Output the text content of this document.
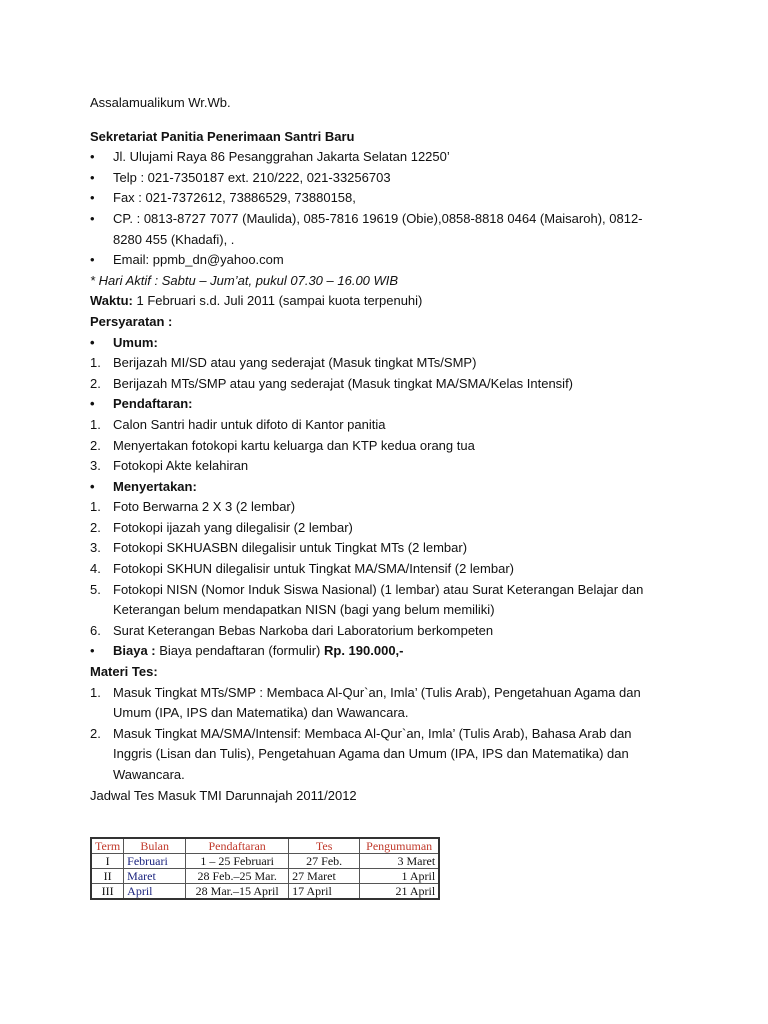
Assalamualikum Wr.Wb.
Sekretariat Panitia Penerimaan Santri Baru
• Jl. Ulujami Raya 86 Pesanggrahan Jakarta Selatan 12250’
• Telp : 021-7350187 ext. 210/222, 021-33256703
• Fax : 021-7372612, 73886529, 73880158,
• CP. : 0813-8727 7077 (Maulida), 085-7816 19619 (Obie),0858-8818 0464 (Maisaroh), 0812-
8280 455 (Khadafi), .
• Email: ppmb_dn@yahoo.com
* Hari Aktif : Sabtu – Jum’at, pukul 07.30 – 16.00 WIB
Waktu: 1 Februari s.d. Juli 2011 (sampai kuota terpenuhi)
Persyaratan :
• Umum:
1. Berijazah MI/SD atau yang sederajat (Masuk tingkat MTs/SMP)
2. Berijazah MTs/SMP atau yang sederajat (Masuk tingkat MA/SMA/Kelas Intensif)
• Pendaftaran:
1. Calon Santri hadir untuk difoto di Kantor panitia
2. Menyertakan fotokopi kartu keluarga dan KTP kedua orang tua
3. Fotokopi Akte kelahiran
• Menyertakan:
1. Foto Berwarna 2 X 3 (2 lembar)
2. Fotokopi ijazah yang dilegalisir (2 lembar)
3. Fotokopi SKHUASBN dilegalisir untuk Tingkat MTs (2 lembar)
4. Fotokopi SKHUN dilegalisir untuk Tingkat MA/SMA/Intensif (2 lembar)
5. Fotokopi NISN (Nomor Induk Siswa Nasional) (1 lembar) atau Surat Keterangan Belajar dan
Keterangan belum mendapatkan NISN (bagi yang belum memiliki)
6. Surat Keterangan Bebas Narkoba dari Laboratorium berkompeten
• Biaya : Biaya pendaftaran (formulir) Rp. 190.000,-
Materi Tes:
1. Masuk Tingkat MTs/SMP : Membaca Al-Qur`an, Imla’ (Tulis Arab), Pengetahuan Agama dan
Umum (IPA, IPS dan Matematika) dan Wawancara.
2. Masuk Tingkat MA/SMA/Intensif: Membaca Al-Qur`an, Imla’ (Tulis Arab), Bahasa Arab dan
Inggris (Lisan dan Tulis), Pengetahuan Agama dan Umum (IPA, IPS dan Matematika) dan
Wawancara.
Jadwal Tes Masuk TMI Darunnajah 2011/2012
Term	Bulan	Pendaftaran	Tes	Pengumuman
I	Februari	1 – 25 Februari	27 Feb.	3 Maret
II	Maret	28 Feb.–25 Mar.	27 Maret	1 April
III	April	28 Mar.–15 April	17 April	21 April
